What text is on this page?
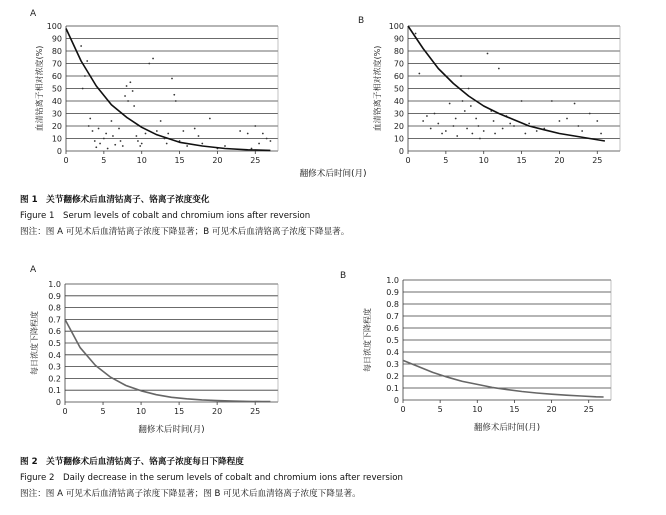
A
0
10
20
30
40
50
60
70
80
90
100
0	5	10	15	20	25
血清钴离子相对浓度(%)
B
0
10
20
30
40
50
60
70
80
90
100
0	5	10	15	20	25
血清铬离子相对浓度(%)
翻修术后时间(月)
图 1　关节翻修术后血清钴离子、铬离子浓度变化
Figure 1　Serum levels of cobalt and chromium ions after reversion
图注：图 A 可见术后血清钴离子浓度下降显著；B 可见术后血清铬离子浓度下降显著。
A
0
0.1
0.2
0.3
0.4
0.5
0.6
0.7
0.8
0.9
1.0
0	5	10	15	20	25
每日浓度下降程度
翻修术后时间(月)
B
0
0.1
0.2
0.3
0.4
0.5
0.6
0.7
0.8
0.9
1.0
0	5	10	15	20	25
每日浓度下降程度
翻修术后时间(月)
图 2　关节翻修术后血清钴离子、铬离子浓度每日下降程度
Figure 2　Daily decrease in the serum levels of cobalt and chromium ions after reversion
图注：图 A 可见术后血清钴离子浓度下降显著；图 B 可见术后血清铬离子浓度下降显著。
